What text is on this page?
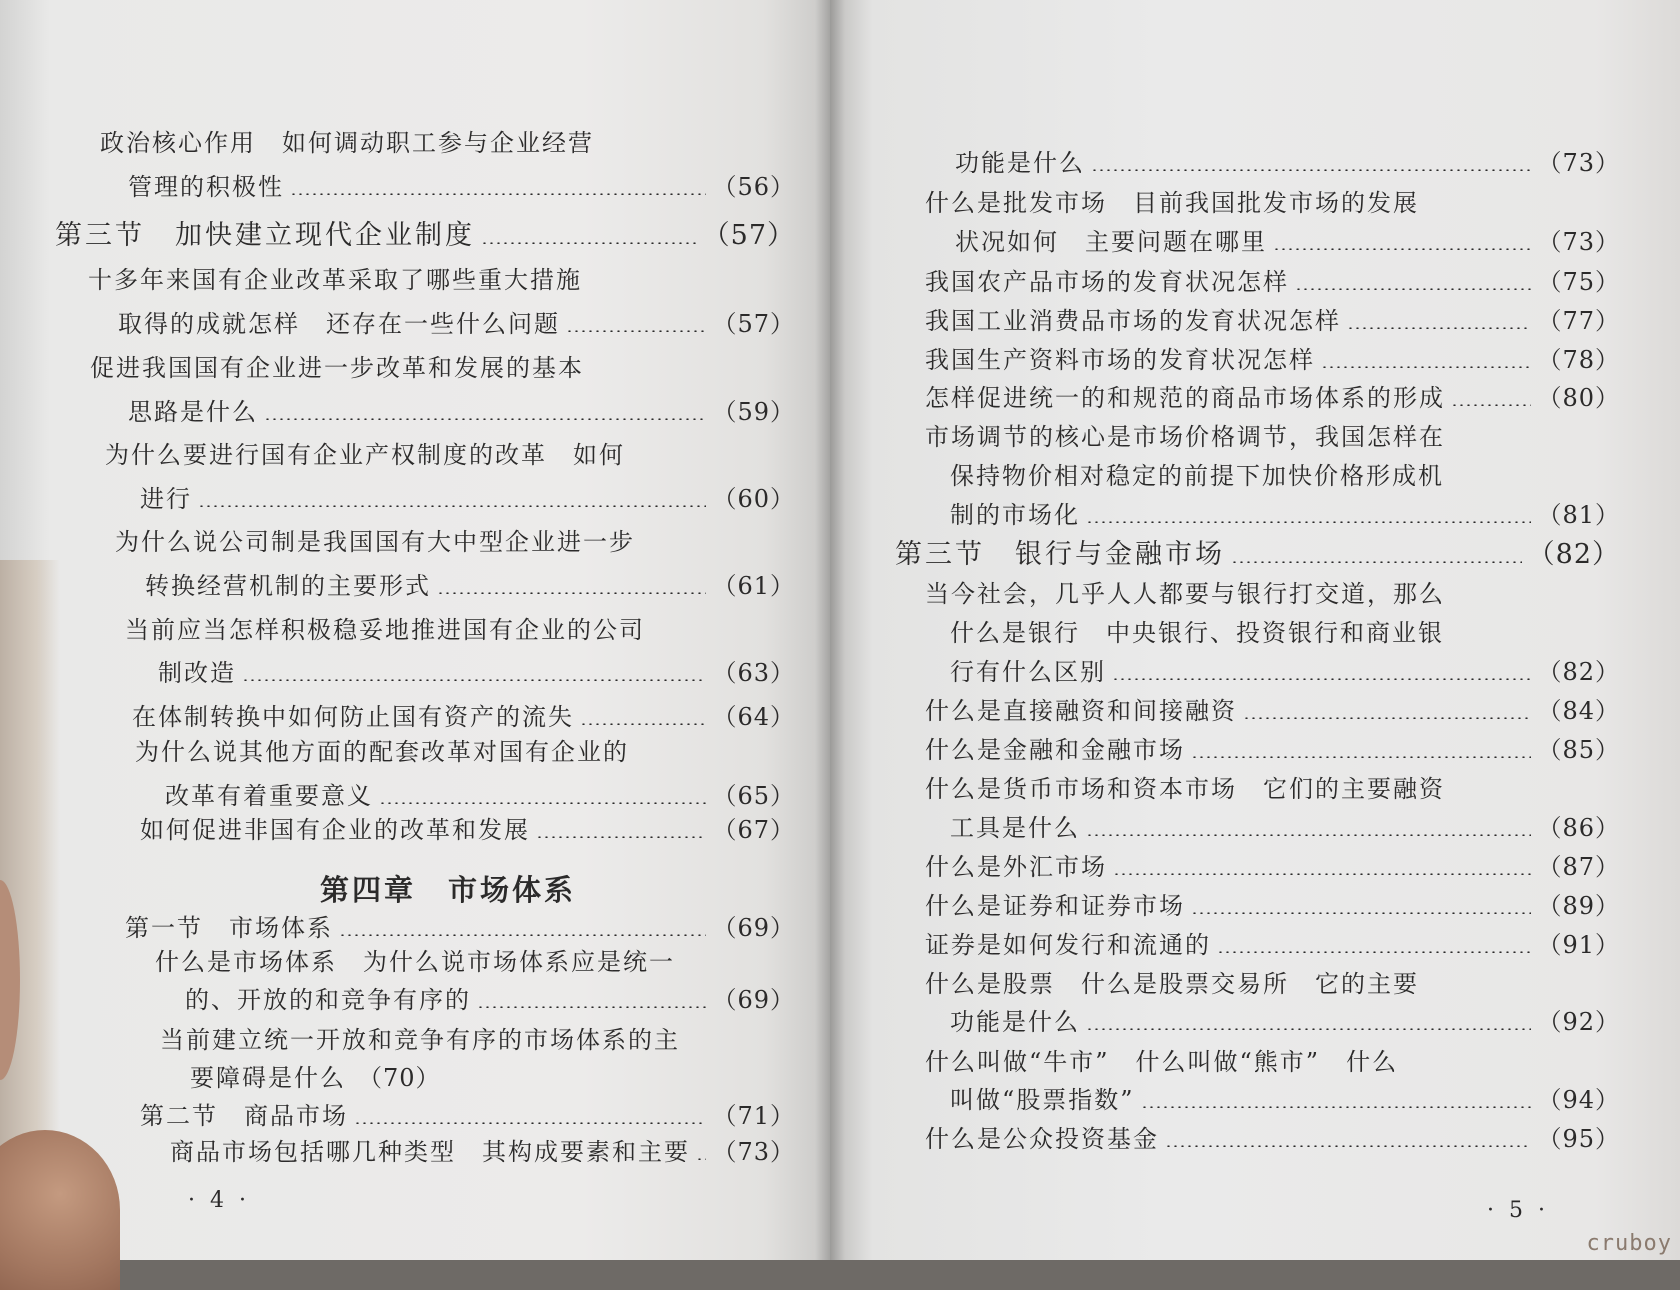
政治核心作用　如何调动职工参与企业经营
管理的积极性	（56）
第三节　加快建立现代企业制度	（57）
十多年来国有企业改革采取了哪些重大措施
取得的成就怎样　还存在一些什么问题	（57）
促进我国国有企业进一步改革和发展的基本
思路是什么	（59）
为什么要进行国有企业产权制度的改革　如何
进行	（60）
为什么说公司制是我国国有大中型企业进一步
转换经营机制的主要形式	（61）
当前应当怎样积极稳妥地推进国有企业的公司
制改造	（63）
在体制转换中如何防止国有资产的流失	（64）
为什么说其他方面的配套改革对国有企业的
改革有着重要意义	（65）
如何促进非国有企业的改革和发展	（67）
第一节　市场体系	（69）
什么是市场体系　为什么说市场体系应是统一
的、开放的和竞争有序的	（69）
当前建立统一开放和竞争有序的市场体系的主
要障碍是什么 （70）
第二节　商品市场	（71）
商品市场包括哪几种类型　其构成要素和主要 （73）
第四章　市场体系
· 4 ·
功能是什么	（73）
什么是批发市场　目前我国批发市场的发展
状况如何　主要问题在哪里	（73）
我国农产品市场的发育状况怎样	（75）
我国工业消费品市场的发育状况怎样	（77）
我国生产资料市场的发育状况怎样	（78）
怎样促进统一的和规范的商品市场体系的形成	（80）
市场调节的核心是市场价格调节，我国怎样在
保持物价相对稳定的前提下加快价格形成机
制的市场化	（81）
第三节　银行与金融市场	（82）
当今社会，几乎人人都要与银行打交道，那么
什么是银行　中央银行、投资银行和商业银
行有什么区别	（82）
什么是直接融资和间接融资	（84）
什么是金融和金融市场	（85）
什么是货币市场和资本市场　它们的主要融资
工具是什么	（86）
什么是外汇市场	（87）
什么是证券和证券市场	（89）
证券是如何发行和流通的	（91）
什么是股票　什么是股票交易所　它的主要
功能是什么	（92）
什么叫做“牛市”　什么叫做“熊市”　什么
叫做“股票指数”	（94）
什么是公众投资基金	（95）
· 5 ·
cruboy
